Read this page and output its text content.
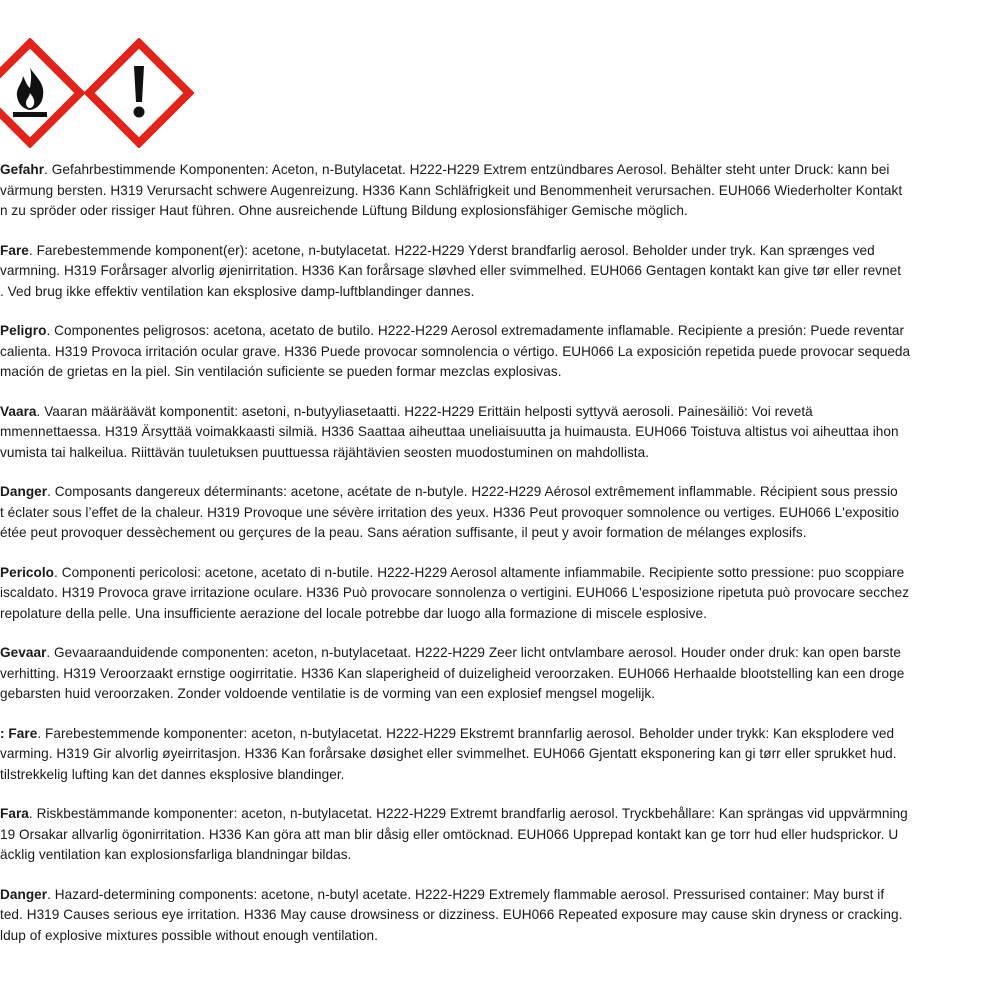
Gefahr. Gefahrbestimmende Komponenten: Aceton, n-Butylacetat. H222-H229 Extrem entzündbares Aerosol. Behälter steht unter Druck: kann bei
värmung bersten. H319 Verursacht schwere Augenreizung. H336 Kann Schläfrigkeit und Benommenheit verursachen. EUH066 Wiederholter Kontakt
n zu spröder oder rissiger Haut führen. Ohne ausreichende Lüftung Bildung explosionsfähiger Gemische möglich.
Fare. Farebestemmende komponent(er): acetone, n-butylacetat. H222-H229 Yderst brandfarlig aerosol. Beholder under tryk. Kan sprænges ved
varmning. H319 Forårsager alvorlig øjenirritation. H336 Kan forårsage sløvhed eller svimmelhed. EUH066 Gentagen kontakt kan give tør eller revnet
. Ved brug ikke effektiv ventilation kan eksplosive damp-luftblandinger dannes.
Peligro. Componentes peligrosos: acetona, acetato de butilo. H222-H229 Aerosol extremadamente inflamable. Recipiente a presión: Puede reventar
calienta. H319 Provoca irritación ocular grave. H336 Puede provocar somnolencia o vértigo. EUH066 La exposición repetida puede provocar sequeda
mación de grietas en la piel. Sin ventilación suficiente se pueden formar mezclas explosivas.
Vaara. Vaaran määräävät komponentit: asetoni, n-butyyliasetaatti. H222-H229 Erittäin helposti syttyvä aerosoli. Painesäiliö: Voi revetä
mmennettaessa. H319 Ärsyttää voimakkaasti silmiä. H336 Saattaa aiheuttaa uneliaisuutta ja huimausta. EUH066 Toistuva altistus voi aiheuttaa ihon
vumista tai halkeilua. Riittävän tuuletuksen puuttuessa räjähtävien seosten muodostuminen on mahdollista.
Danger. Composants dangereux déterminants: acetone, acétate de n-butyle. H222-H229 Aérosol extrêmement inflammable. Récipient sous pressio
t éclater sous l’effet de la chaleur. H319 Provoque une sévère irritation des yeux. H336 Peut provoquer somnolence ou vertiges. EUH066 L'expositio
étée peut provoquer dessèchement ou gerçures de la peau. Sans aération suffisante, il peut y avoir formation de mélanges explosifs.
Pericolo. Componenti pericolosi: acetone, acetato di n-butile. H222-H229 Aerosol altamente infiammabile. Recipiente sotto pressione: puo scoppiare
iscaldato. H319 Provoca grave irritazione oculare. H336 Può provocare sonnolenza o vertigini. EUH066 L'esposizione ripetuta può provocare secchez
repolature della pelle. Una insufficiente aerazione del locale potrebbe dar luogo alla formazione di miscele esplosive.
Gevaar. Gevaaraanduidende componenten: aceton, n-butylacetaat. H222-H229 Zeer licht ontvlambare aerosol. Houder onder druk: kan open barste
verhitting. H319 Veroorzaakt ernstige oogirritatie. H336 Kan slaperigheid of duizeligheid veroorzaken. EUH066 Herhaalde blootstelling kan een droge
gebarsten huid veroorzaken. Zonder voldoende ventilatie is de vorming van een explosief mengsel mogelijk.
: Fare. Farebestemmende komponenter: aceton, n-butylacetat. H222-H229 Ekstremt brannfarlig aerosol. Beholder under trykk: Kan eksplodere ved
varming. H319 Gir alvorlig øyeirritasjon. H336 Kan forårsake døsighet eller svimmelhet. EUH066 Gjentatt eksponering kan gi tørr eller sprukket hud.
tilstrekkelig lufting kan det dannes eksplosive blandinger.
Fara. Riskbestämmande komponenter: aceton, n-butylacetat. H222-H229 Extremt brandfarlig aerosol. Tryckbehållare: Kan sprängas vid uppvärmning
19 Orsakar allvarlig ögonirritation. H336 Kan göra att man blir dåsig eller omtöcknad. EUH066 Upprepad kontakt kan ge torr hud eller hudsprickor. U
äcklig ventilation kan explosionsfarliga blandningar bildas.
Danger. Hazard-determining components: acetone, n-butyl acetate. H222-H229 Extremely flammable aerosol. Pressurised container: May burst if
ted. H319 Causes serious eye irritation. H336 May cause drowsiness or dizziness. EUH066 Repeated exposure may cause skin dryness or cracking.
ldup of explosive mixtures possible without enough ventilation.
